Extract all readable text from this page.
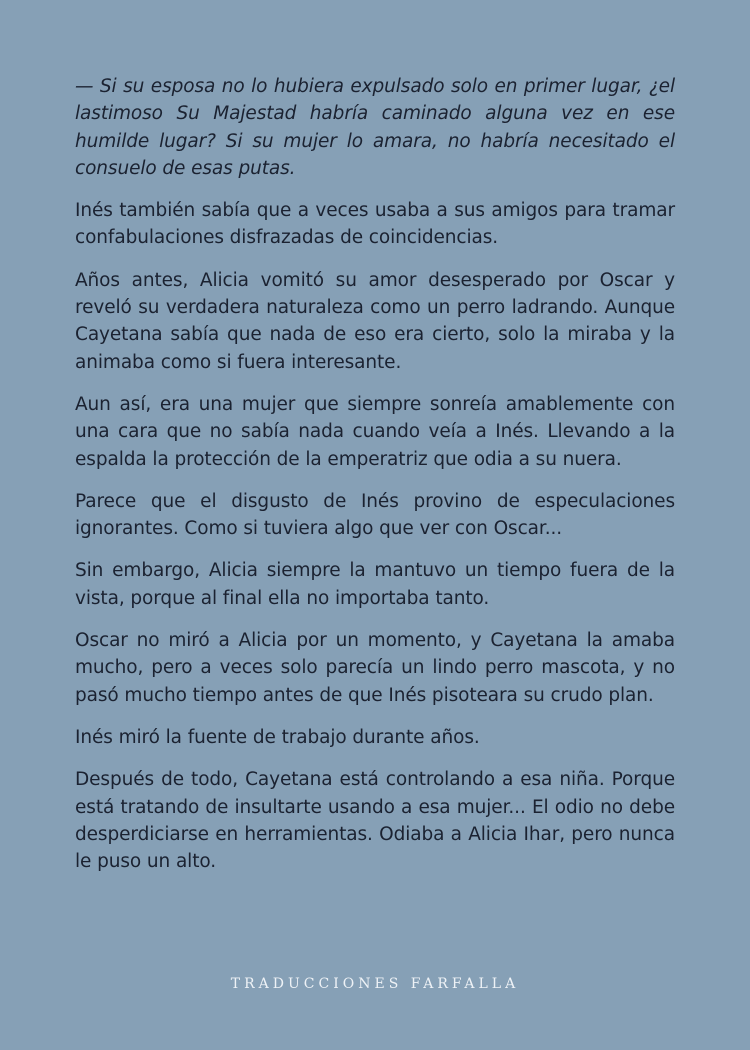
— Si su esposa no lo hubiera expulsado solo en primer lugar, ¿el lastimoso Su Majestad habría caminado alguna vez en ese humilde lugar? Si su mujer lo amara, no habría necesitado el consuelo de esas putas.

Inés también sabía que a veces usaba a sus amigos para tramar confabulaciones disfrazadas de coincidencias.

Años antes, Alicia vomitó su amor desesperado por Oscar y reveló su verdadera naturaleza como un perro ladrando. Aunque Cayetana sabía que nada de eso era cierto, solo la miraba y la animaba como si fuera interesante.

Aun así, era una mujer que siempre sonreía amablemente con una cara que no sabía nada cuando veía a Inés. Llevando a la espalda la protección de la emperatriz que odia a su nuera.

Parece que el disgusto de Inés provino de especulaciones ignorantes. Como si tuviera algo que ver con Oscar...

Sin embargo, Alicia siempre la mantuvo un tiempo fuera de la vista, porque al final ella no importaba tanto.

Oscar no miró a Alicia por un momento, y Cayetana la amaba mucho, pero a veces solo parecía un lindo perro mascota, y no pasó mucho tiempo antes de que Inés pisoteara su crudo plan.

Inés miró la fuente de trabajo durante años.

Después de todo, Cayetana está controlando a esa niña. Porque está tratando de insultarte usando a esa mujer... El odio no debe desperdiciarse en herramientas. Odiaba a Alicia Ihar, pero nunca le puso un alto.

TRADUCCIONES FARFALLA
